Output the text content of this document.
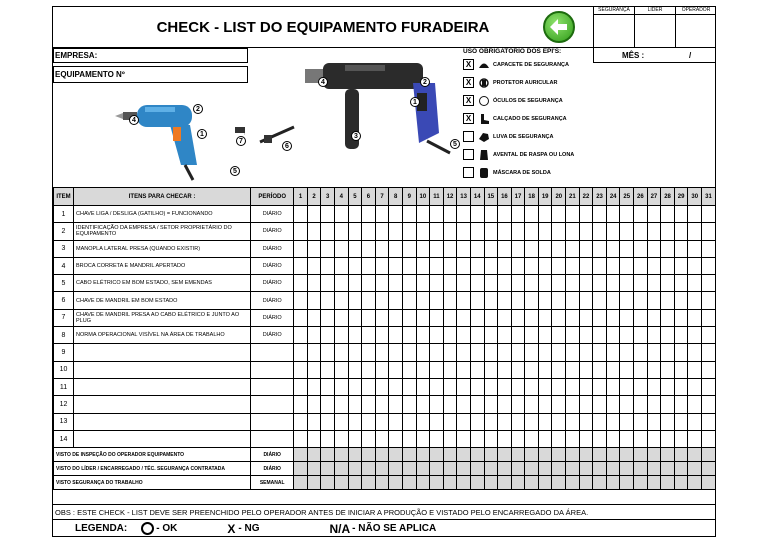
CHECK - LIST DO EQUIPAMENTO FURADEIRA
SEGURANÇA	LÍDER	OPERADOR
EMPRESA:
EQUIPAMENTO Nº
MÊS :	/
2
4
1
7
6
5
4	2
1
3
5
USO OBRIGATÓRIO DOS EPI'S:
X	CAPACETE DE SEGURANÇA
X	PROTETOR AURICULAR
X	ÓCULOS DE SEGURANÇA
X	CALÇADO DE SEGURANÇA
LUVA DE SEGURANÇA
AVENTAL DE RASPA OU LONA
MÁSCARA DE SOLDA
ITEM	ITENS PARA CHECAR :	PERÍODO	1	2	3	4	5	6	7	8	9	10	11	12	13	14	15	16	17	18	19	20	21	22	23	24	25	26	27	28	29	30	31
1	CHAVE LIGA / DESLIGA (GATILHO) = FUNCIONANDO	DIÁRIO																															
2	IDENTIFICAÇÃO DA EMPRESA / SETOR PROPRIETÁRIO DO EQUIPAMENTO	DIÁRIO																															
3	MANOPLA LATERAL PRESA (QUANDO EXISTIR)	DIÁRIO																															
4	BROCA CORRETA E MANDRIL APERTADO	DIÁRIO																															
5	CABO ELÉTRICO EM BOM ESTADO, SEM EMENDAS	DIÁRIO																															
6	CHAVE DE MANDRIL EM BOM ESTADO	DIÁRIO																															
7	CHAVE DE MANDRIL PRESA AO CABO ELÉTRICO E JUNTO AO PLUG	DIÁRIO																															
8	NORMA OPERACIONAL VISÍVEL NA ÁREA DE TRABALHO	DIÁRIO																															
9																																	
10																																	
11																																	
12																																	
13																																	
14																																	
VISTO DE INSPEÇÃO DO OPERADOR EQUIPAMENTO		DIÁRIO																															
VISTO DO LÍDER / ENCARREGADO / TÉC. SEGURANÇA CONTRATADA		DIÁRIO																															
VISTO SEGURANÇA DO TRABALHO		SEMANAL																															
OBS : ESTE CHECK - LIST DEVE SER PREENCHIDO PELO OPERADOR ANTES DE INICIAR A PRODUÇÃO E VISTADO PELO ENCARREGADO DA ÁREA.
LEGENDA:	- OK	X - NG	N/A - NÃO SE APLICA
